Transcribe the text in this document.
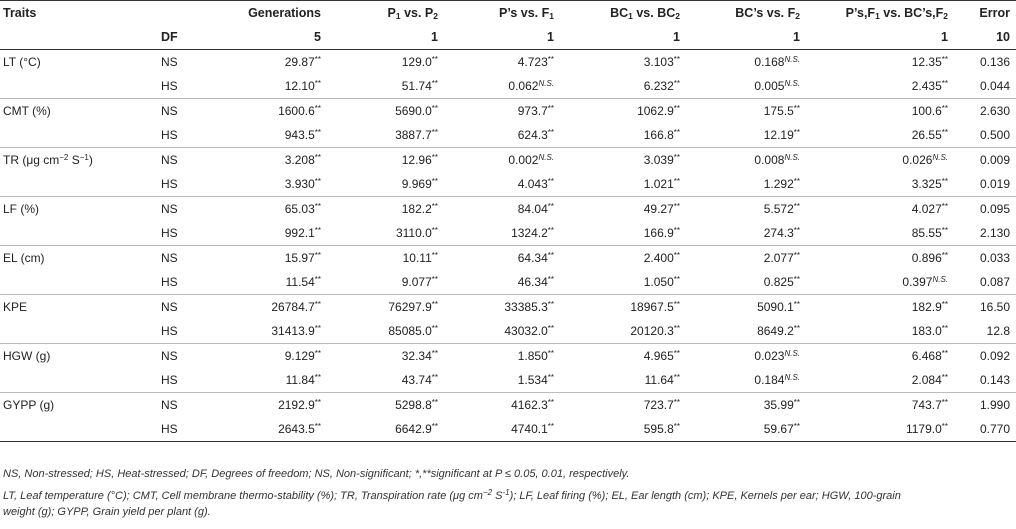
Traits		Generations	$P_1$ vs. $P_2$	P’s vs. $F_1$	$BC_1$ vs. $BC_2$	BC’s vs. $F_2$	$P’s,F_1$ vs. $BC’s,F_2$	Error
	DF	5	1	1	1	1	1	10
LT (°C)	NS	29.87**	129.0**	4.723**	3.103**	$0.168^{N.S.}$	12.35**	0.136
	HS	12.10**	51.74**	$0.062^{N.S.}$	6.232**	$0.005^{N.S.}$	2.435**	0.044
CMT (%)	NS	1600.6**	5690.0**	973.7**	1062.9**	175.5**	100.6**	2.630
	HS	943.5**	3887.7**	624.3**	166.8**	12.19**	26.55**	0.500
TR (μg $cm^{-2}$ $S^{-1}$)	NS	3.208**	12.96**	$0.002^{N.S.}$	3.039**	$0.008^{N.S.}$	$0.026^{N.S.}$	0.009
	HS	3.930**	9.969**	4.043**	1.021**	1.292**	3.325**	0.019
LF (%)	NS	65.03**	182.2**	84.04**	49.27**	5.572**	4.027**	0.095
	HS	992.1**	3110.0**	1324.2**	166.9**	274.3**	85.55**	2.130
EL (cm)	NS	15.97**	10.11**	64.34**	2.400**	2.077**	0.896**	0.033
	HS	11.54**	9.077**	46.34**	1.050**	0.825**	$0.397^{N.S.}$	0.087
KPE	NS	26784.7**	76297.9**	33385.3**	18967.5**	5090.1**	182.9**	16.50
	HS	31413.9**	85085.0**	43032.0**	20120.3**	8649.2**	183.0**	12.8
HGW (g)	NS	9.129**	32.34**	1.850**	4.965**	$0.023^{N.S.}$	6.468**	0.092
	HS	11.84**	43.74**	1.534**	11.64**	$0.184^{N.S.}$	2.084**	0.143
GYPP (g)	NS	2192.9**	5298.8**	4162.3**	723.7**	35.99**	743.7**	1.990
	HS	2643.5**	6642.9**	4740.1**	595.8**	59.67**	1179.0**	0.770

NS, Non-stressed; HS, Heat-stressed; DF, Degrees of freedom; NS, Non-significant; *,**significant at P ≤ 0.05, 0.01, respectively.

LT, Leaf temperature (°C); CMT, Cell membrane thermo-stability (%); TR, Transpiration rate (μg $cm^{-2}$ $S^{-1}$); LF, Leaf firing (%); EL, Ear length (cm); KPE, Kernels per ear; HGW, 100-grain

weight (g); GYPP, Grain yield per plant (g).
